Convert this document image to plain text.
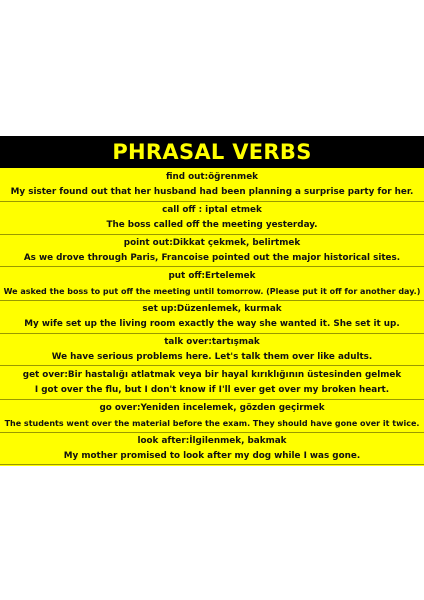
PHRASAL VERBS
find out:öğrenmek
My sister found out that her husband had been planning a surprise party for her.
call off : iptal etmek
The boss called off the meeting yesterday.
point out:Dikkat çekmek, belirtmek
As we drove through Paris, Francoise pointed out the major historical sites.
put off:Ertelemek
We asked the boss to put off the meeting until tomorrow. (Please put it off for another day.)
set up:Düzenlemek, kurmak
My wife set up the living room exactly the way she wanted it. She set it up.
talk over:tartışmak
We have serious problems here. Let's talk them over like adults.
get over:Bir hastalığı atlatmak veya bir hayal kırıklığının üstesinden gelmek
I got over the flu, but I don't know if I'll ever get over my broken heart.
go over:Yeniden incelemek, gözden geçirmek
The students went over the material before the exam. They should have gone over it twice.
look after:İlgilenmek, bakmak
My mother promised to look after my dog while I was gone.
